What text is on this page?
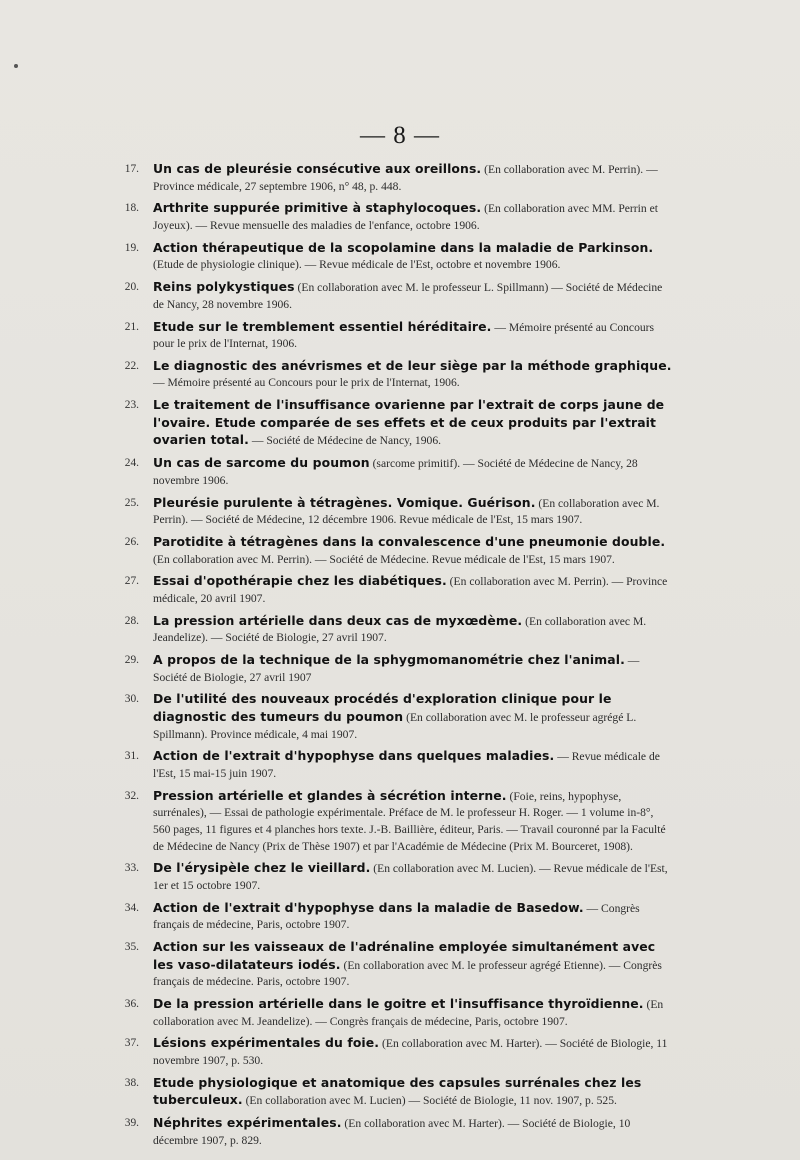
— 8 —
17. Un cas de pleurésie consécutive aux oreillons. (En collaboration avec M. Perrin). — Province médicale, 27 septembre 1906, n° 48, p. 448.
18. Arthrite suppurée primitive à staphylocoques. (En collaboration avec MM. Perrin et Joyeux). — Revue mensuelle des maladies de l'enfance, octobre 1906.
19. Action thérapeutique de la scopolamine dans la maladie de Parkinson. (Etude de physiologie clinique). — Revue médicale de l'Est, octobre et novembre 1906.
20. Reins polykystiques (En collaboration avec M. le professeur L. Spillmann) — Société de Médecine de Nancy, 28 novembre 1906.
21. Etude sur le tremblement essentiel héréditaire. — Mémoire présenté au Concours pour le prix de l'Internat, 1906.
22. Le diagnostic des anévrismes et de leur siège par la méthode graphique. — Mémoire présenté au Concours pour le prix de l'Internat, 1906.
23. Le traitement de l'insuffisance ovarienne par l'extrait de corps jaune de l'ovaire. Etude comparée de ses effets et de ceux produits par l'extrait ovarien total. — Société de Médecine de Nancy, 1906.
24. Un cas de sarcome du poumon (sarcome primitif). — Société de Médecine de Nancy, 28 novembre 1906.
25. Pleurésie purulente à tétragènes. Vomique. Guérison. (En collaboration avec M. Perrin). — Société de Médecine, 12 décembre 1906. Revue médicale de l'Est, 15 mars 1907.
26. Parotidite à tétragènes dans la convalescence d'une pneumonie double. (En collaboration avec M. Perrin). — Société de Médecine. Revue médicale de l'Est, 15 mars 1907.
27. Essai d'opothérapie chez les diabétiques. (En collaboration avec M. Perrin). — Province médicale, 20 avril 1907.
28. La pression artérielle dans deux cas de myxœdème. (En collaboration avec M. Jeandelize). — Société de Biologie, 27 avril 1907.
29. A propos de la technique de la sphygmomanométrie chez l'animal. — Société de Biologie, 27 avril 1907
30. De l'utilité des nouveaux procédés d'exploration clinique pour le diagnostic des tumeurs du poumon (En collaboration avec M. le professeur agrégé L. Spillmann). Province médicale, 4 mai 1907.
31. Action de l'extrait d'hypophyse dans quelques maladies. — Revue médicale de l'Est, 15 mai-15 juin 1907.
32. Pression artérielle et glandes à sécrétion interne. (Foie, reins, hypophyse, surrénales), — Essai de pathologie expérimentale. Préface de M. le professeur H. Roger. — 1 volume in-8°, 560 pages, 11 figures et 4 planches hors texte. J.-B. Baillière, éditeur, Paris. — Travail couronné par la Faculté de Médecine de Nancy (Prix de Thèse 1907) et par l'Académie de Médecine (Prix M. Bourceret, 1908).
33. De l'érysipèle chez le vieillard. (En collaboration avec M. Lucien). — Revue médicale de l'Est, 1er et 15 octobre 1907.
34. Action de l'extrait d'hypophyse dans la maladie de Basedow. — Congrès français de médecine, Paris, octobre 1907.
35. Action sur les vaisseaux de l'adrénaline employée simultanément avec les vaso-dilatateurs iodés. (En collaboration avec M. le professeur agrégé Etienne). — Congrès français de médecine. Paris, octobre 1907.
36. De la pression artérielle dans le goitre et l'insuffisance thyroïdienne. (En collaboration avec M. Jeandelize). — Congrès français de médecine, Paris, octobre 1907.
37. Lésions expérimentales du foie. (En collaboration avec M. Harter). — Société de Biologie, 11 novembre 1907, p. 530.
38. Etude physiologique et anatomique des capsules surrénales chez les tuberculeux. (En collaboration avec M. Lucien) — Société de Biologie, 11 nov. 1907, p. 525.
39. Néphrites expérimentales. (En collaboration avec M. Harter). — Société de Biologie, 10 décembre 1907, p. 829.
